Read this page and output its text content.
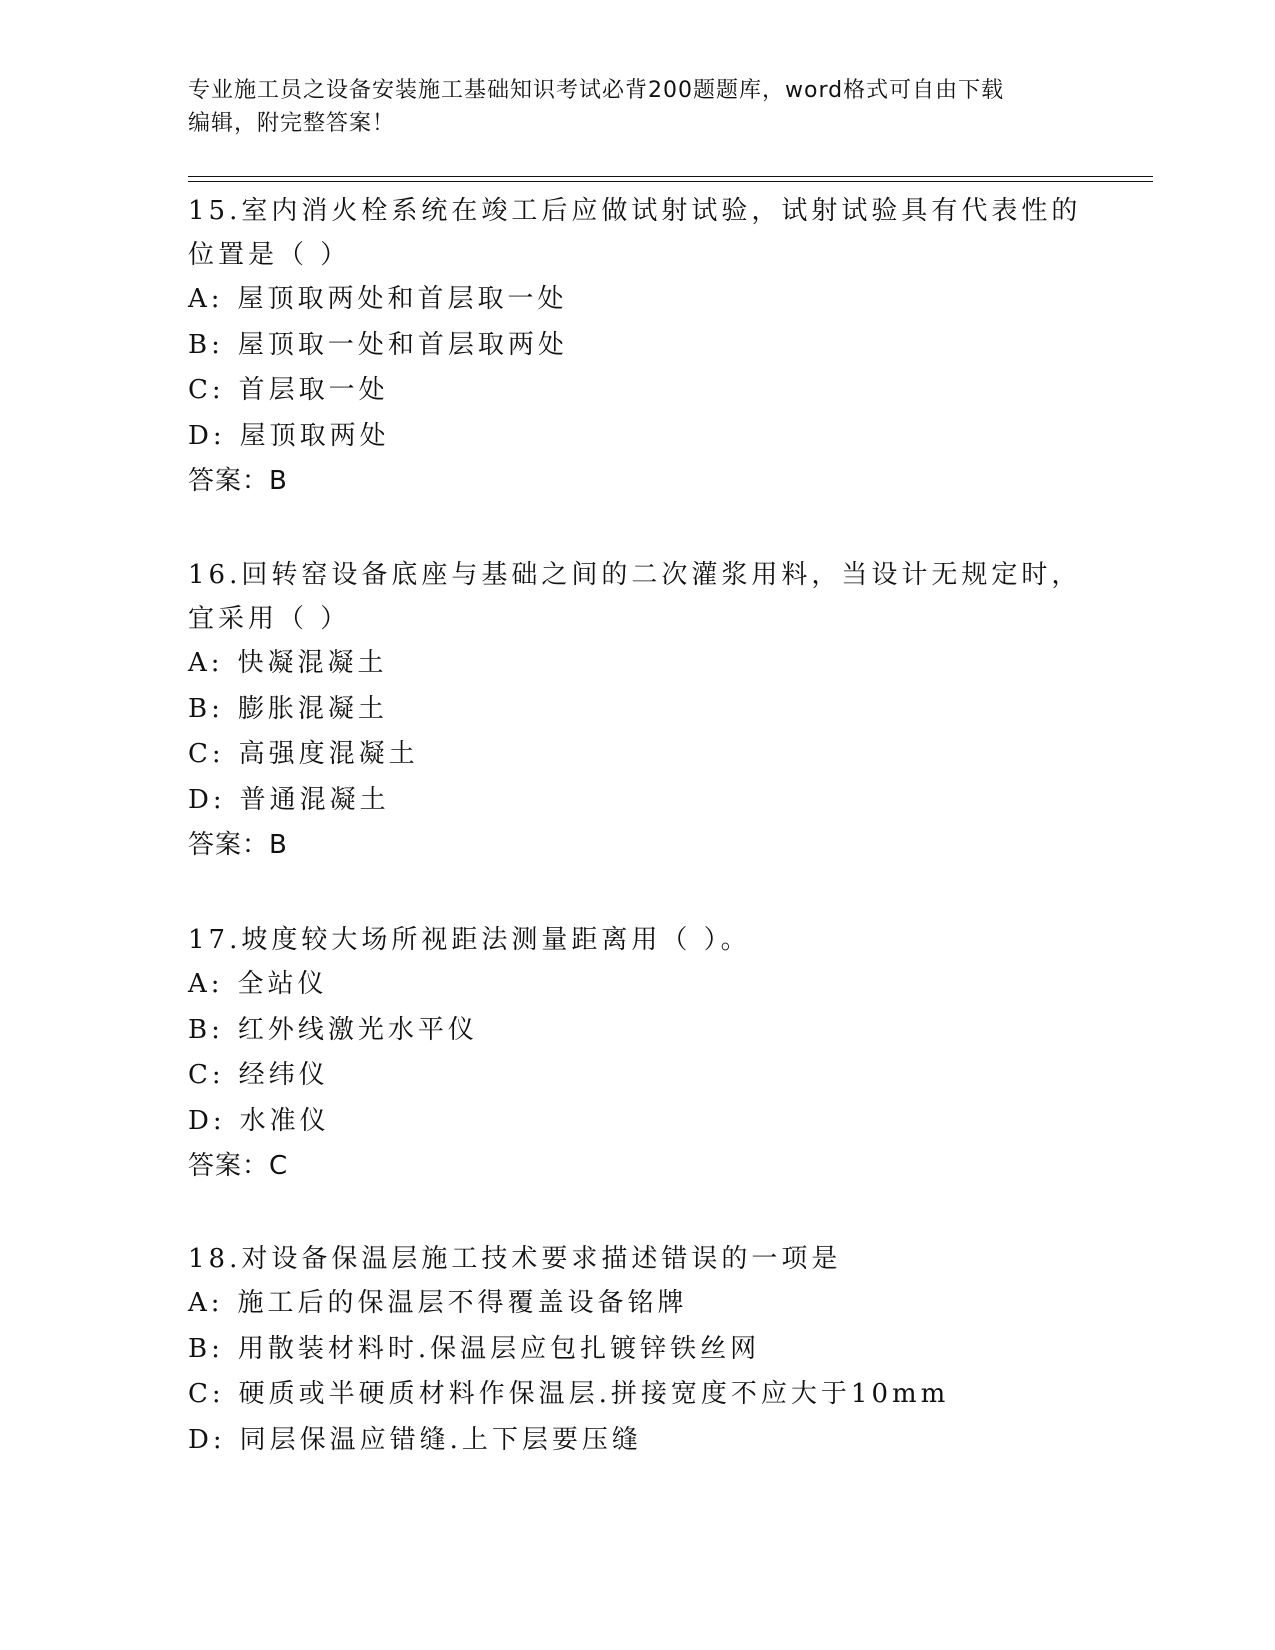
专业施工员之设备安装施工基础知识考试必背200题题库，word格式可自由下载
编辑，附完整答案！
15.室内消火栓系统在竣工后应做试射试验，试射试验具有代表性的位置是（ ）
A: 屋顶取两处和首层取一处
B: 屋顶取一处和首层取两处
C: 首层取一处
D: 屋顶取两处
答案：B
16.回转窑设备底座与基础之间的二次灌浆用料，当设计无规定时，宜采用（ ）
A: 快凝混凝土
B: 膨胀混凝土
C: 高强度混凝土
D: 普通混凝土
答案：B
17.坡度较大场所视距法测量距离用（ ）。
A: 全站仪
B: 红外线激光水平仪
C: 经纬仪
D: 水准仪
答案：C
18.对设备保温层施工技术要求描述错误的一项是
A: 施工后的保温层不得覆盖设备铭牌
B: 用散装材料时.保温层应包扎镀锌铁丝网
C: 硬质或半硬质材料作保温层.拼接宽度不应大于10mm
D: 同层保温应错缝.上下层要压缝
